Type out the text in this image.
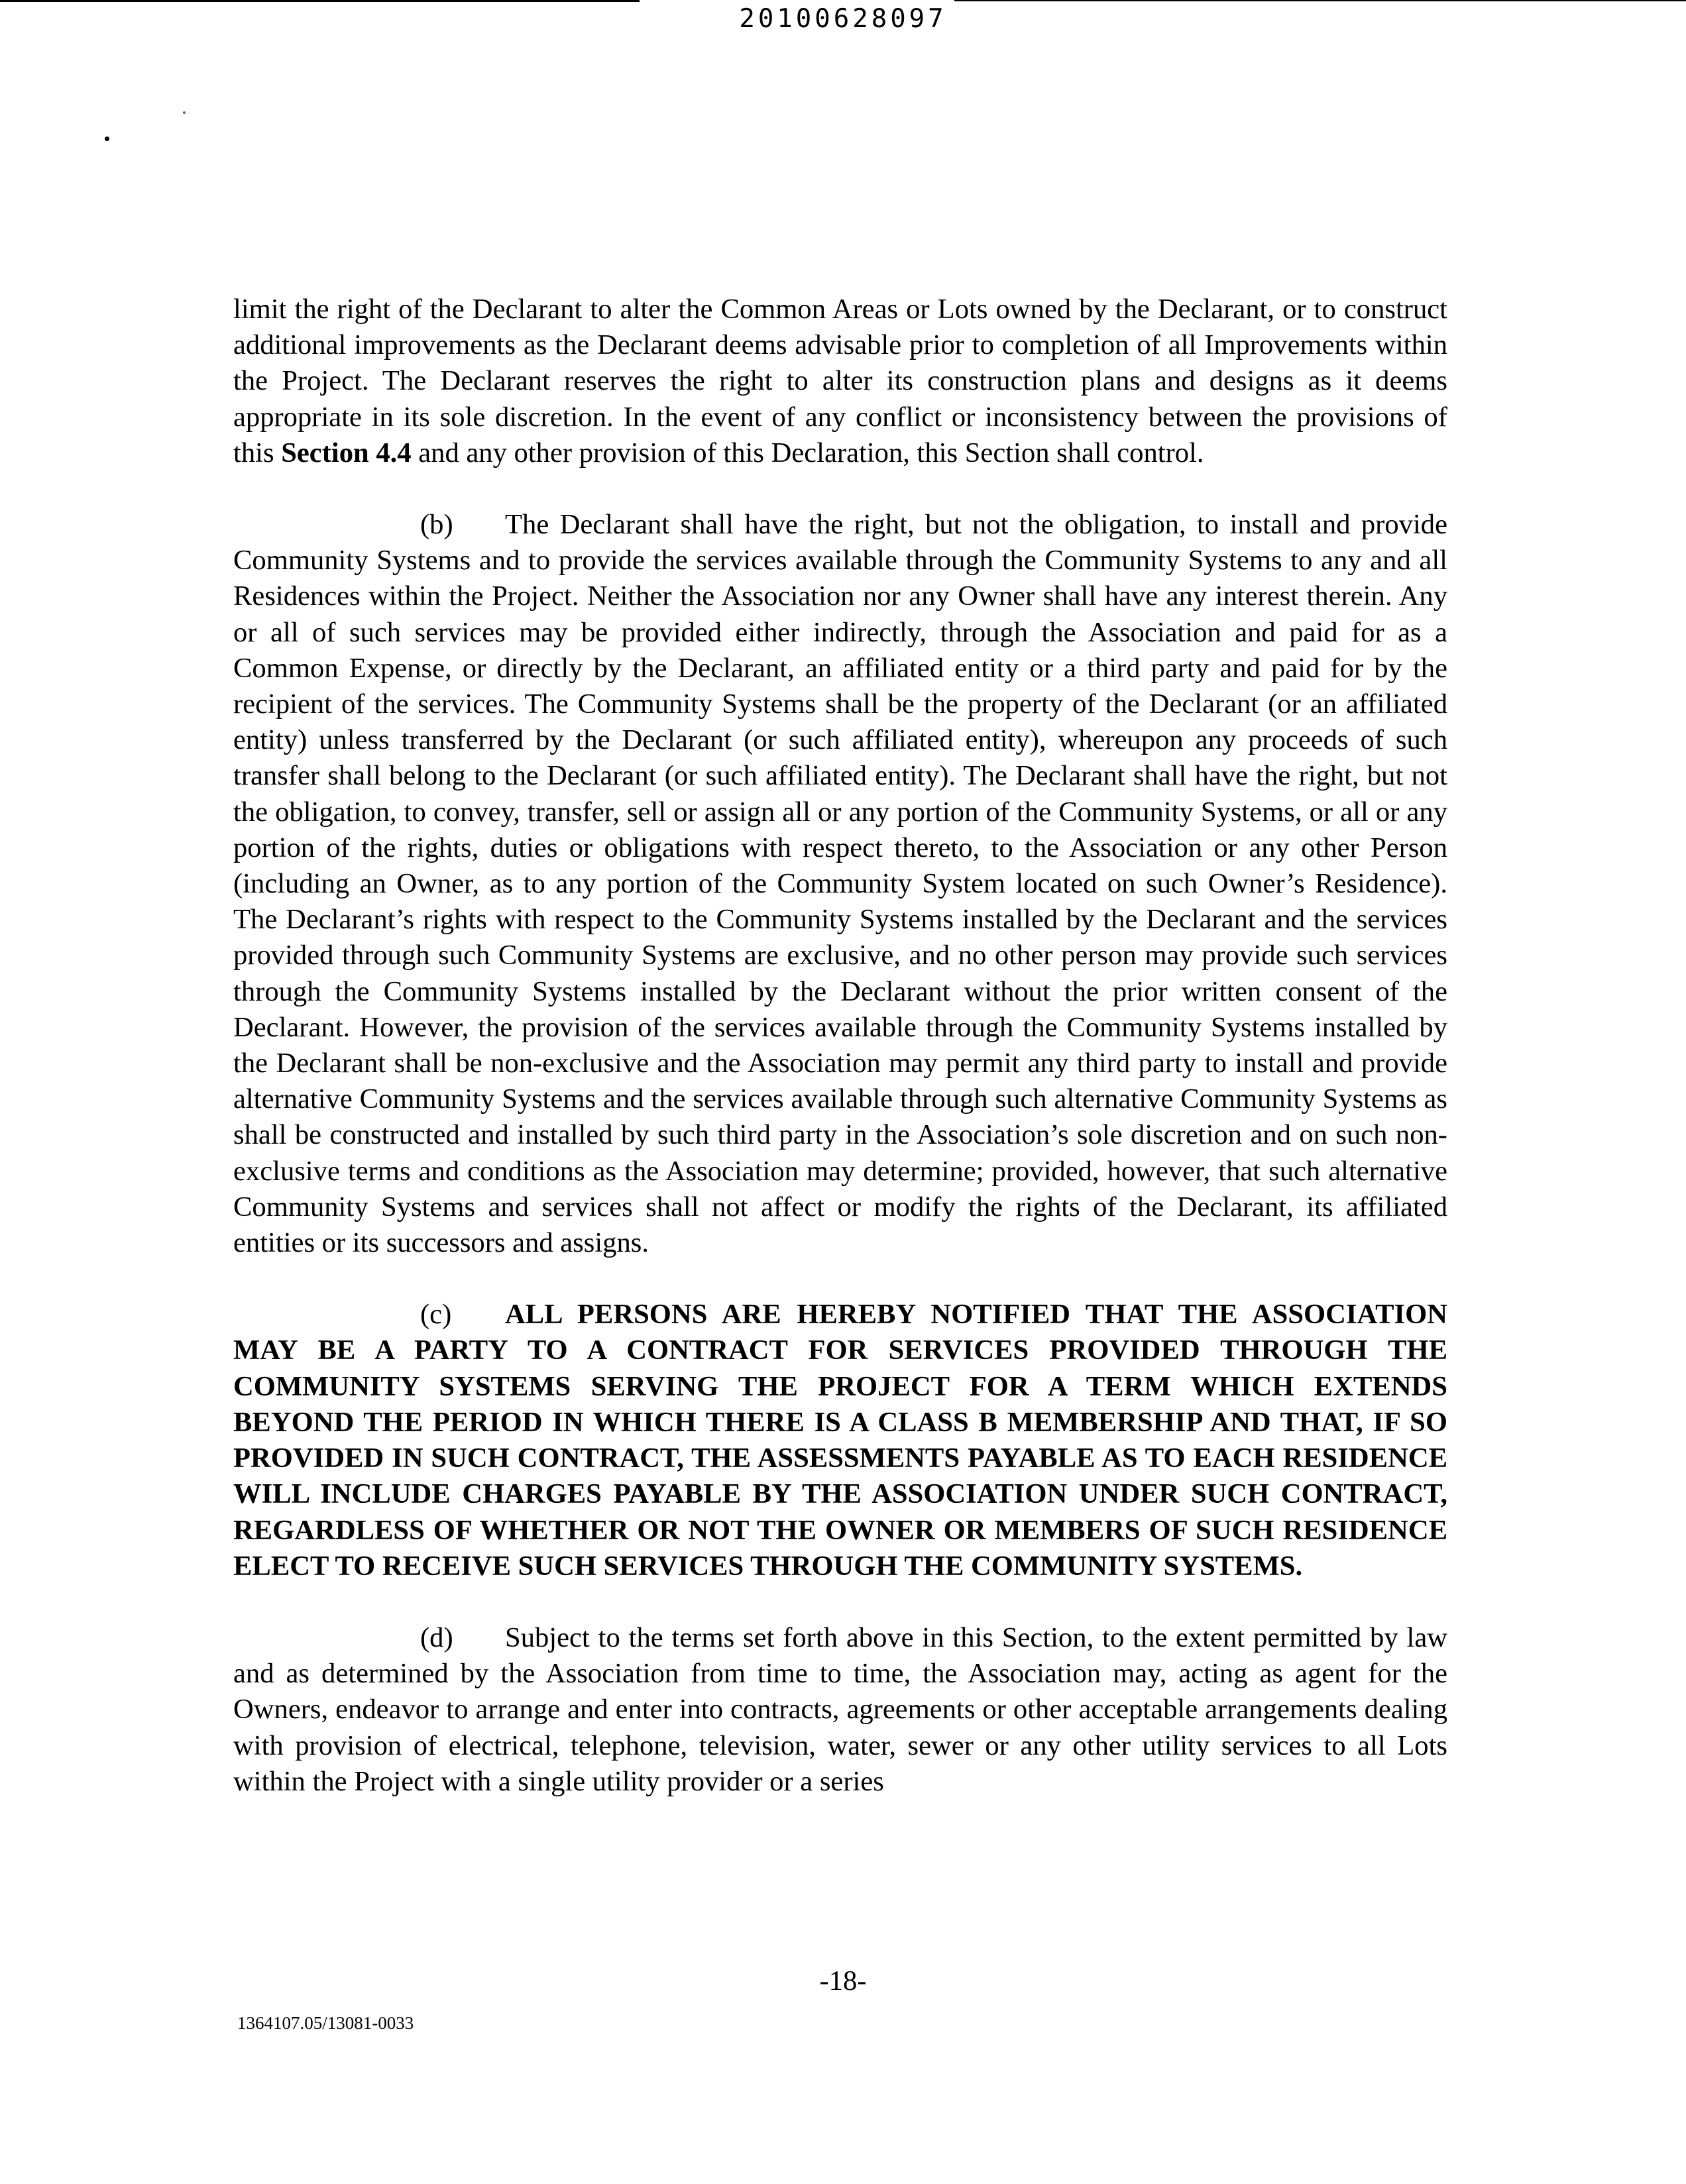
20100628097

limit the right of the Declarant to alter the Common Areas or Lots owned by the Declarant, or to construct additional improvements as the Declarant deems advisable prior to completion of all Improvements within the Project. The Declarant reserves the right to alter its construction plans and designs as it deems appropriate in its sole discretion. In the event of any conflict or inconsistency between the provisions of this Section 4.4 and any other provision of this Declaration, this Section shall control.

(b) The Declarant shall have the right, but not the obligation, to install and provide Community Systems and to provide the services available through the Community Systems to any and all Residences within the Project. Neither the Association nor any Owner shall have any interest therein. Any or all of such services may be provided either indirectly, through the Association and paid for as a Common Expense, or directly by the Declarant, an affiliated entity or a third party and paid for by the recipient of the services. The Community Systems shall be the property of the Declarant (or an affiliated entity) unless transferred by the Declarant (or such affiliated entity), whereupon any proceeds of such transfer shall belong to the Declarant (or such affiliated entity). The Declarant shall have the right, but not the obligation, to convey, transfer, sell or assign all or any portion of the Community Systems, or all or any portion of the rights, duties or obligations with respect thereto, to the Association or any other Person (including an Owner, as to any portion of the Community System located on such Owner’s Residence). The Declarant’s rights with respect to the Community Systems installed by the Declarant and the services provided through such Community Systems are exclusive, and no other person may provide such services through the Community Systems installed by the Declarant without the prior written consent of the Declarant. However, the provision of the services available through the Community Systems installed by the Declarant shall be non-exclusive and the Association may permit any third party to install and provide alternative Community Systems and the services available through such alternative Community Systems as shall be constructed and installed by such third party in the Association’s sole discretion and on such non-exclusive terms and conditions as the Association may determine; provided, however, that such alternative Community Systems and services shall not affect or modify the rights of the Declarant, its affiliated entities or its successors and assigns.

(c) ALL PERSONS ARE HEREBY NOTIFIED THAT THE ASSOCIATION MAY BE A PARTY TO A CONTRACT FOR SERVICES PROVIDED THROUGH THE COMMUNITY SYSTEMS SERVING THE PROJECT FOR A TERM WHICH EXTENDS BEYOND THE PERIOD IN WHICH THERE IS A CLASS B MEMBERSHIP AND THAT, IF SO PROVIDED IN SUCH CONTRACT, THE ASSESSMENTS PAYABLE AS TO EACH RESIDENCE WILL INCLUDE CHARGES PAYABLE BY THE ASSOCIATION UNDER SUCH CONTRACT, REGARDLESS OF WHETHER OR NOT THE OWNER OR MEMBERS OF SUCH RESIDENCE ELECT TO RECEIVE SUCH SERVICES THROUGH THE COMMUNITY SYSTEMS.

(d) Subject to the terms set forth above in this Section, to the extent permitted by law and as determined by the Association from time to time, the Association may, acting as agent for the Owners, endeavor to arrange and enter into contracts, agreements or other acceptable arrangements dealing with provision of electrical, telephone, television, water, sewer or any other utility services to all Lots within the Project with a single utility provider or a series

-18-
1364107.05/13081-0033
